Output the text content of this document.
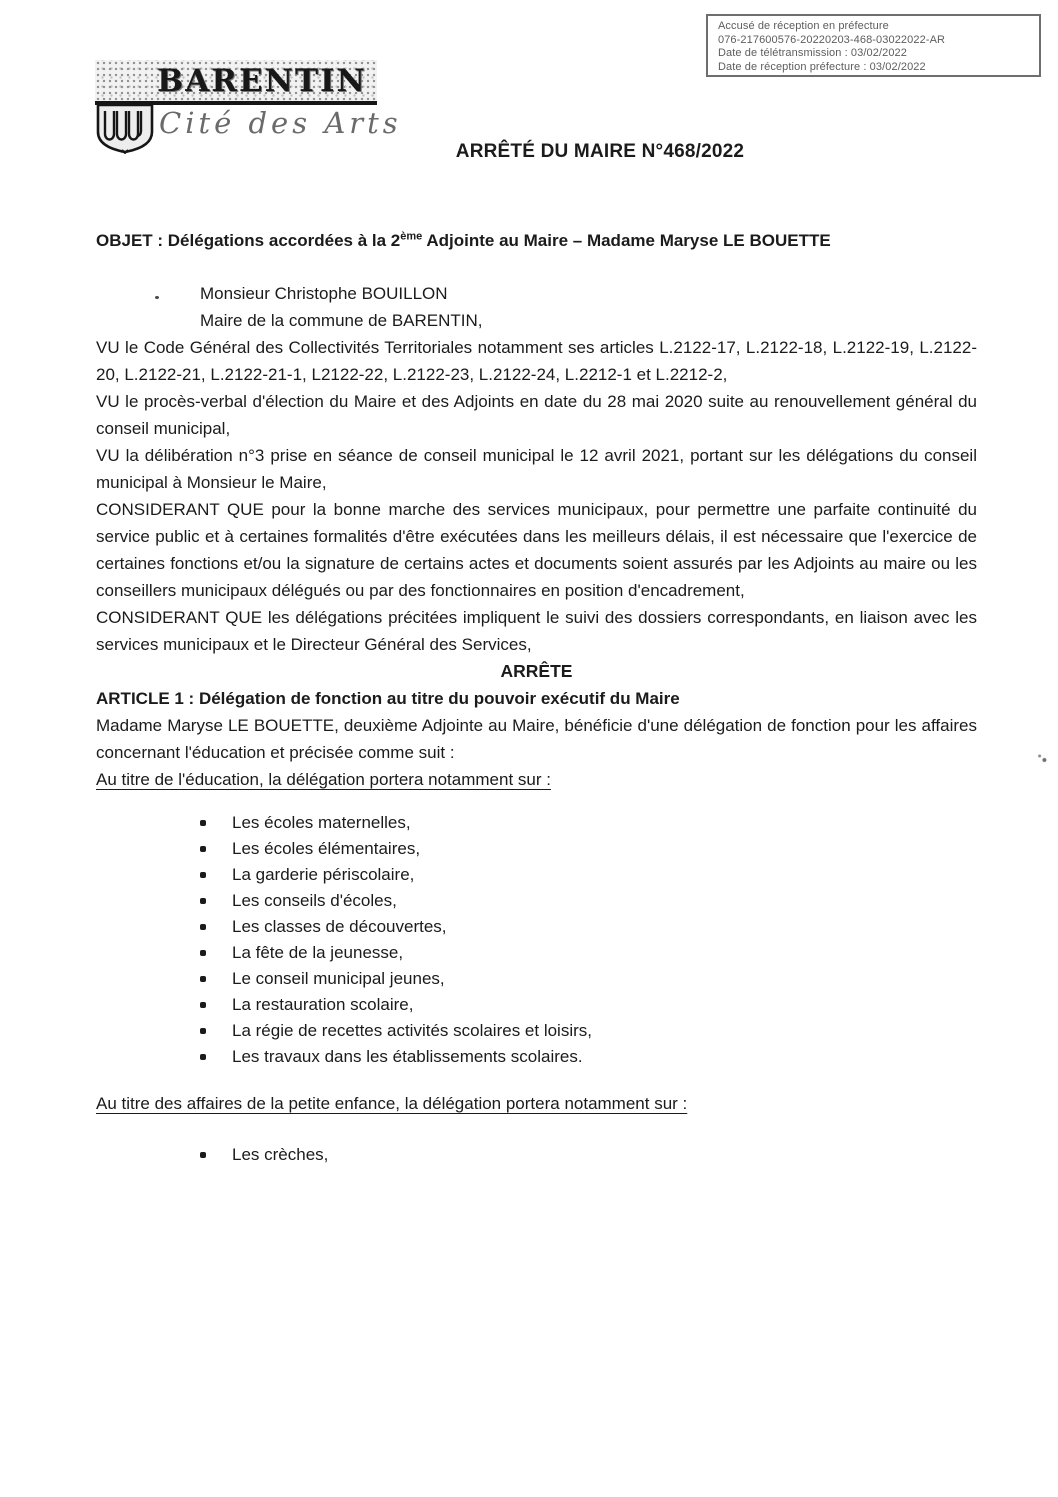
Accusé de réception en préfecture
076-217600576-20220203-468-03022022-AR
Date de télétransmission : 03/02/2022
Date de réception préfecture : 03/02/2022
BARENTIN
Cité des Arts
ARRÊTÉ DU MAIRE N°468/2022

OBJET : Délégations accordées à la 2ème Adjointe au Maire – Madame Maryse LE BOUETTE

Monsieur Christophe BOUILLON
Maire de la commune de BARENTIN,

VU le Code Général des Collectivités Territoriales notamment ses articles L.2122-17, L.2122-18, L.2122-19, L.2122-20, L.2122-21, L.2122-21-1, L2122-22, L.2122-23, L.2122-24, L.2212-1 et L.2212-2,

VU le procès-verbal d'élection du Maire et des Adjoints en date du 28 mai 2020 suite au renouvellement général du conseil municipal,

VU la délibération n°3 prise en séance de conseil municipal le 12 avril 2021, portant sur les délégations du conseil municipal à Monsieur le Maire,

CONSIDERANT QUE pour la bonne marche des services municipaux, pour permettre une parfaite continuité du service public et à certaines formalités d'être exécutées dans les meilleurs délais, il est nécessaire que l'exercice de certaines fonctions et/ou la signature de certains actes et documents soient assurés par les Adjoints au maire ou les conseillers municipaux délégués ou par des fonctionnaires en position d'encadrement,

CONSIDERANT QUE les délégations précitées impliquent le suivi des dossiers correspondants, en liaison avec les services municipaux et le Directeur Général des Services,

ARRÊTE

ARTICLE 1 : Délégation de fonction au titre du pouvoir exécutif du Maire

Madame Maryse LE BOUETTE, deuxième Adjointe au Maire, bénéficie d'une délégation de fonction pour les affaires concernant l'éducation et précisée comme suit :

Au titre de l'éducation, la délégation portera notamment sur :

Les écoles maternelles,
Les écoles élémentaires,
La garderie périscolaire,
Les conseils d'écoles,
Les classes de découvertes,
La fête de la jeunesse,
Le conseil municipal jeunes,
La restauration scolaire,
La régie de recettes activités scolaires et loisirs,
Les travaux dans les établissements scolaires.

Au titre des affaires de la petite enfance, la délégation portera notamment sur :

Les crèches,
